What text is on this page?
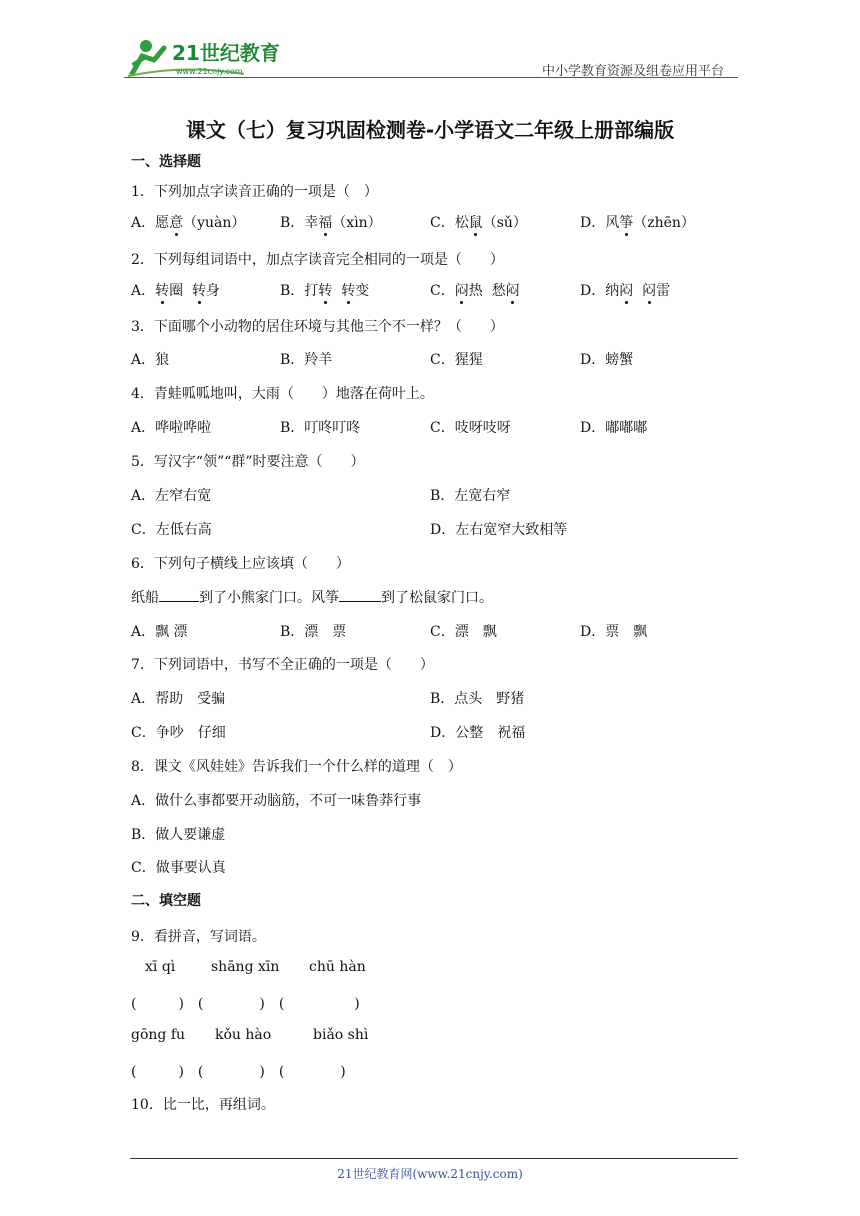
21世纪教育
www.21cnjy.com	中小学教育资源及组卷应用平台
课文（七）复习巩固检测卷-小学语文二年级上册部编版
一、选择题
1．下列加点字读音正确的一项是（　）
A．愿意（yuàn） B．幸福（xìn）	C．松鼠（sǔ）	D．风筝（zhēn）
2．下列每组词语中，加点字读音完全相同的一项是（　　）
A．转圈 转身	B．打转 转变	C．闷热 愁闷	D．纳闷 闷雷
3．下面哪个小动物的居住环境与其他三个不一样？（　　）
A．狼	B．羚羊	C．猩猩	D．螃蟹
4．青蛙呱呱地叫，大雨（　　）地落在荷叶上。
A．哗啦哗啦	B．叮咚叮咚	C．吱呀吱呀	D．嘟嘟嘟
5．写汉字“领”“群”时要注意（　　）
A．左窄右宽	B．左宽右窄
C．左低右高	D．左右宽窄大致相等
6．下列句子横线上应该填（　　）
纸船	到了小熊家门口。风筝	到了松鼠家门口。
A．飘 漂	B．漂　票	C．漂　飘	D．票　飘
7．下列词语中，书写不全正确的一项是（　　）
A．帮助　受骗	B．点头　野猪
C．争吵　仔细	D．公整　祝福
8．课文《风娃娃》告诉我们一个什么样的道理（　）
A．做什么事都要开动脑筋，不可一味鲁莽行事
B．做人要谦虚
C．做事要认真
二、填空题
9．看拼音，写词语。
xī qì	shāng xīn chū hàn
(　　　)　(　　　　)　(　　　　　)
gōng fu kǒu hào	biǎo shì
(　　　)　(　　　　)　(　　　　)
10．比一比，再组词。
21世纪教育网(www.21cnjy.com)
